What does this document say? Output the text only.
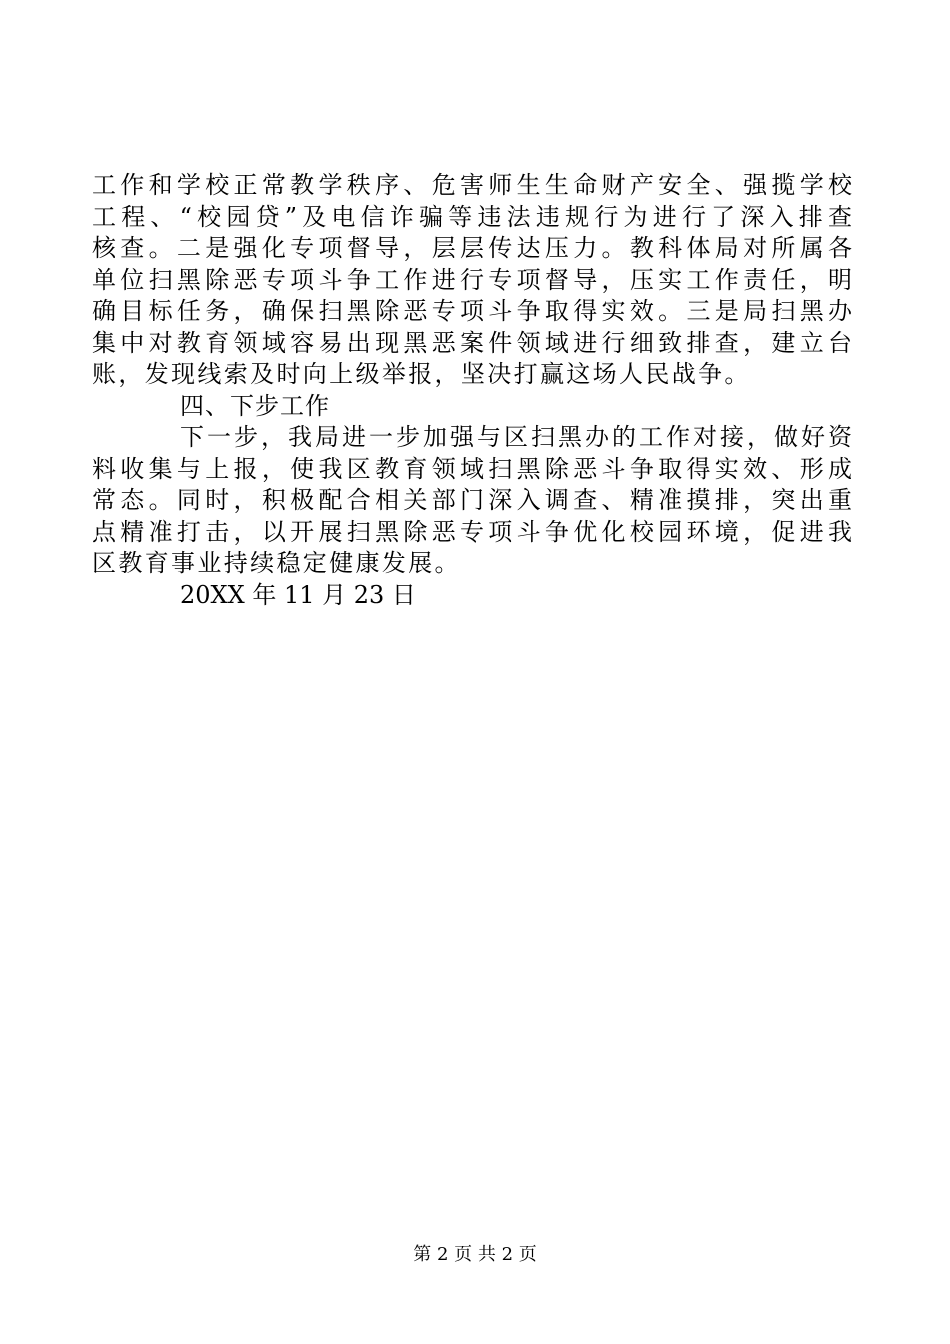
工作和学校正常教学秩序、危害师生生命财产安全、强揽学校
工程、“校园贷”及电信诈骗等违法违规行为进行了深入排查
核查。二是强化专项督导，层层传达压力。教科体局对所属各
单位扫黑除恶专项斗争工作进行专项督导，压实工作责任，明
确目标任务，确保扫黑除恶专项斗争取得实效。三是局扫黑办
集中对教育领域容易出现黑恶案件领域进行细致排查，建立台
账，发现线索及时向上级举报，坚决打赢这场人民战争。
四、下步工作
下一步，我局进一步加强与区扫黑办的工作对接，做好资
料收集与上报，使我区教育领域扫黑除恶斗争取得实效、形成
常态。同时，积极配合相关部门深入调查、精准摸排，突出重
点精准打击，以开展扫黑除恶专项斗争优化校园环境，促进我
区教育事业持续稳定健康发展。
20XX 年 11 月 23 日
第 2 页 共 2 页
